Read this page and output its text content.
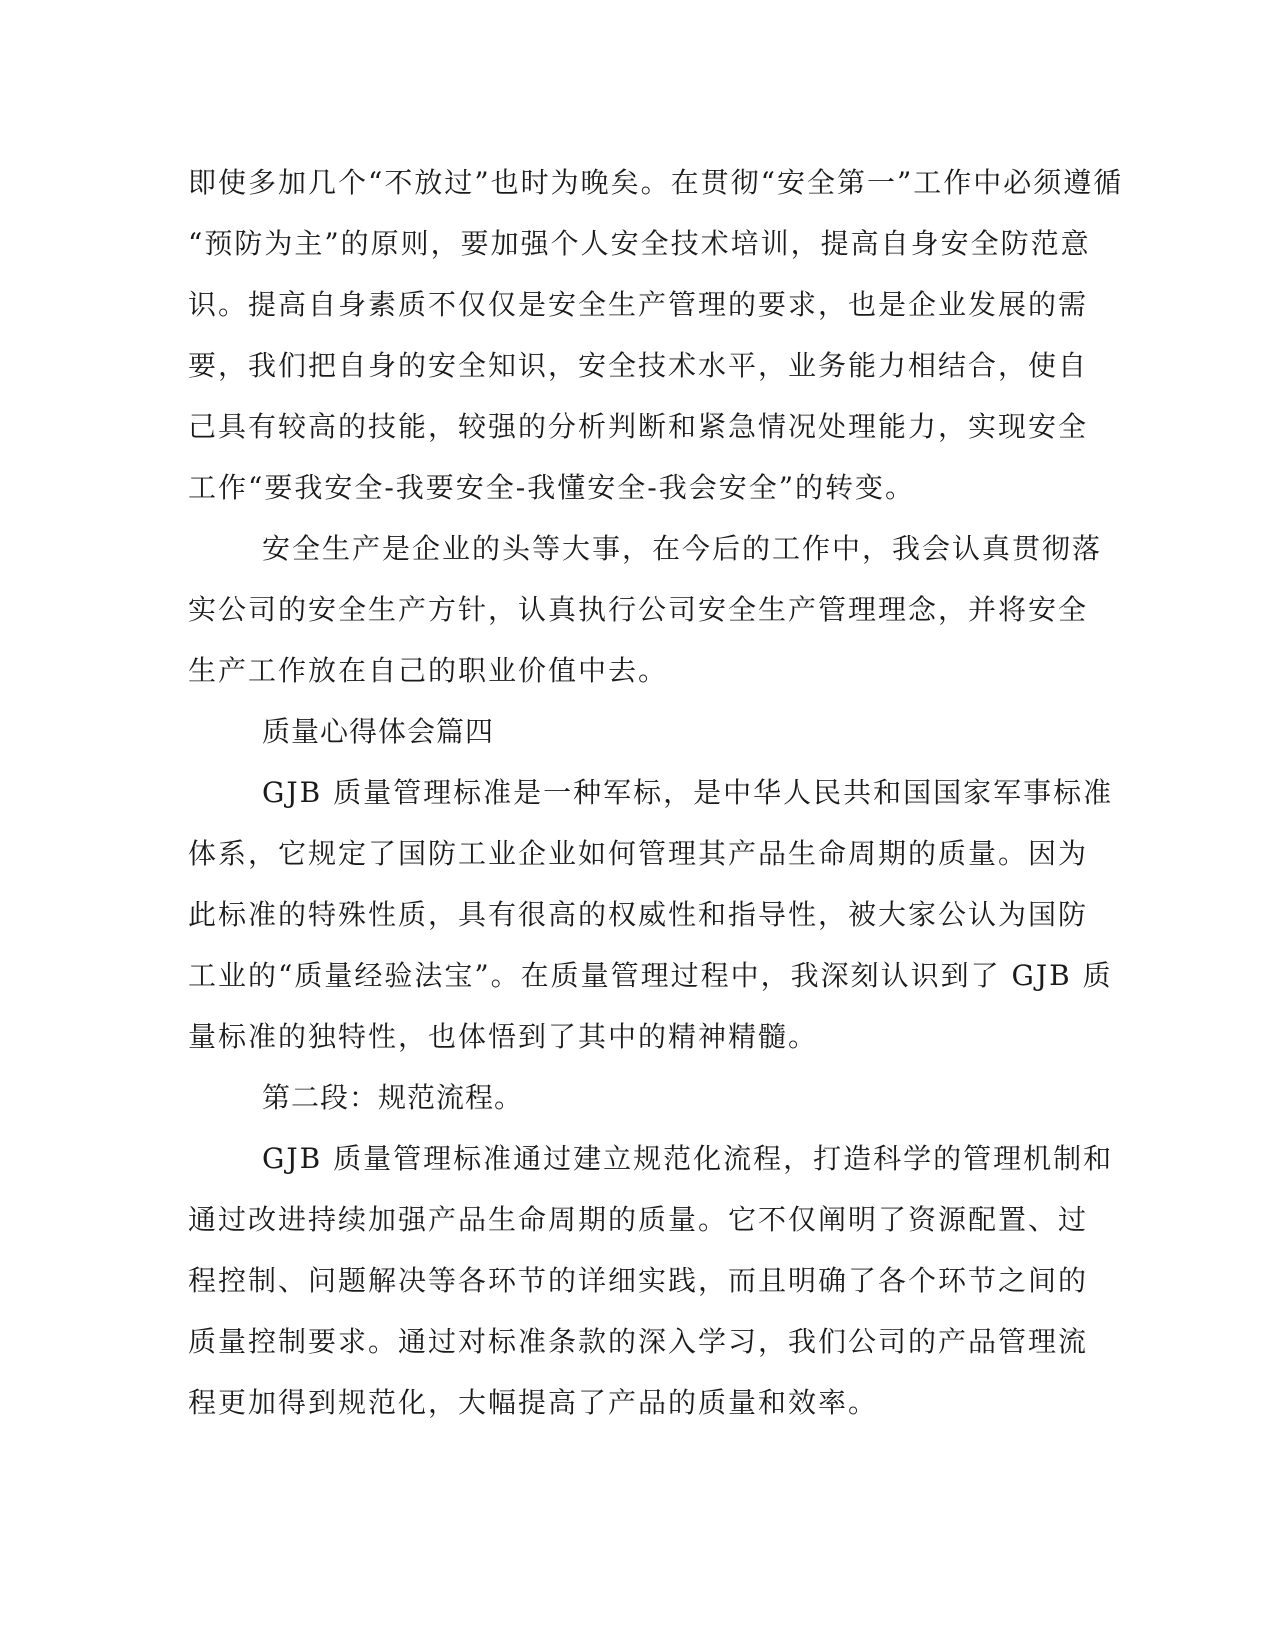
即使多加几个“不放过”也时为晚矣。在贯彻“安全第一”工作中必须遵循
“预防为主”的原则，要加强个人安全技术培训，提高自身安全防范意
识。提高自身素质不仅仅是安全生产管理的要求，也是企业发展的需
要，我们把自身的安全知识，安全技术水平，业务能力相结合，使自
己具有较高的技能，较强的分析判断和紧急情况处理能力，实现安全
工作“要我安全-我要安全-我懂安全-我会安全”的转变。
安全生产是企业的头等大事，在今后的工作中，我会认真贯彻落
实公司的安全生产方针，认真执行公司安全生产管理理念，并将安全
生产工作放在自己的职业价值中去。
质量心得体会篇四
GJB 质量管理标准是一种军标，是中华人民共和国国家军事标准
体系，它规定了国防工业企业如何管理其产品生命周期的质量。因为
此标准的特殊性质，具有很高的权威性和指导性，被大家公认为国防
工业的“质量经验法宝”。在质量管理过程中，我深刻认识到了 GJB 质
量标准的独特性，也体悟到了其中的精神精髓。
第二段：规范流程。
GJB 质量管理标准通过建立规范化流程，打造科学的管理机制和
通过改进持续加强产品生命周期的质量。它不仅阐明了资源配置、过
程控制、问题解决等各环节的详细实践，而且明确了各个环节之间的
质量控制要求。通过对标准条款的深入学习，我们公司的产品管理流
程更加得到规范化，大幅提高了产品的质量和效率。
